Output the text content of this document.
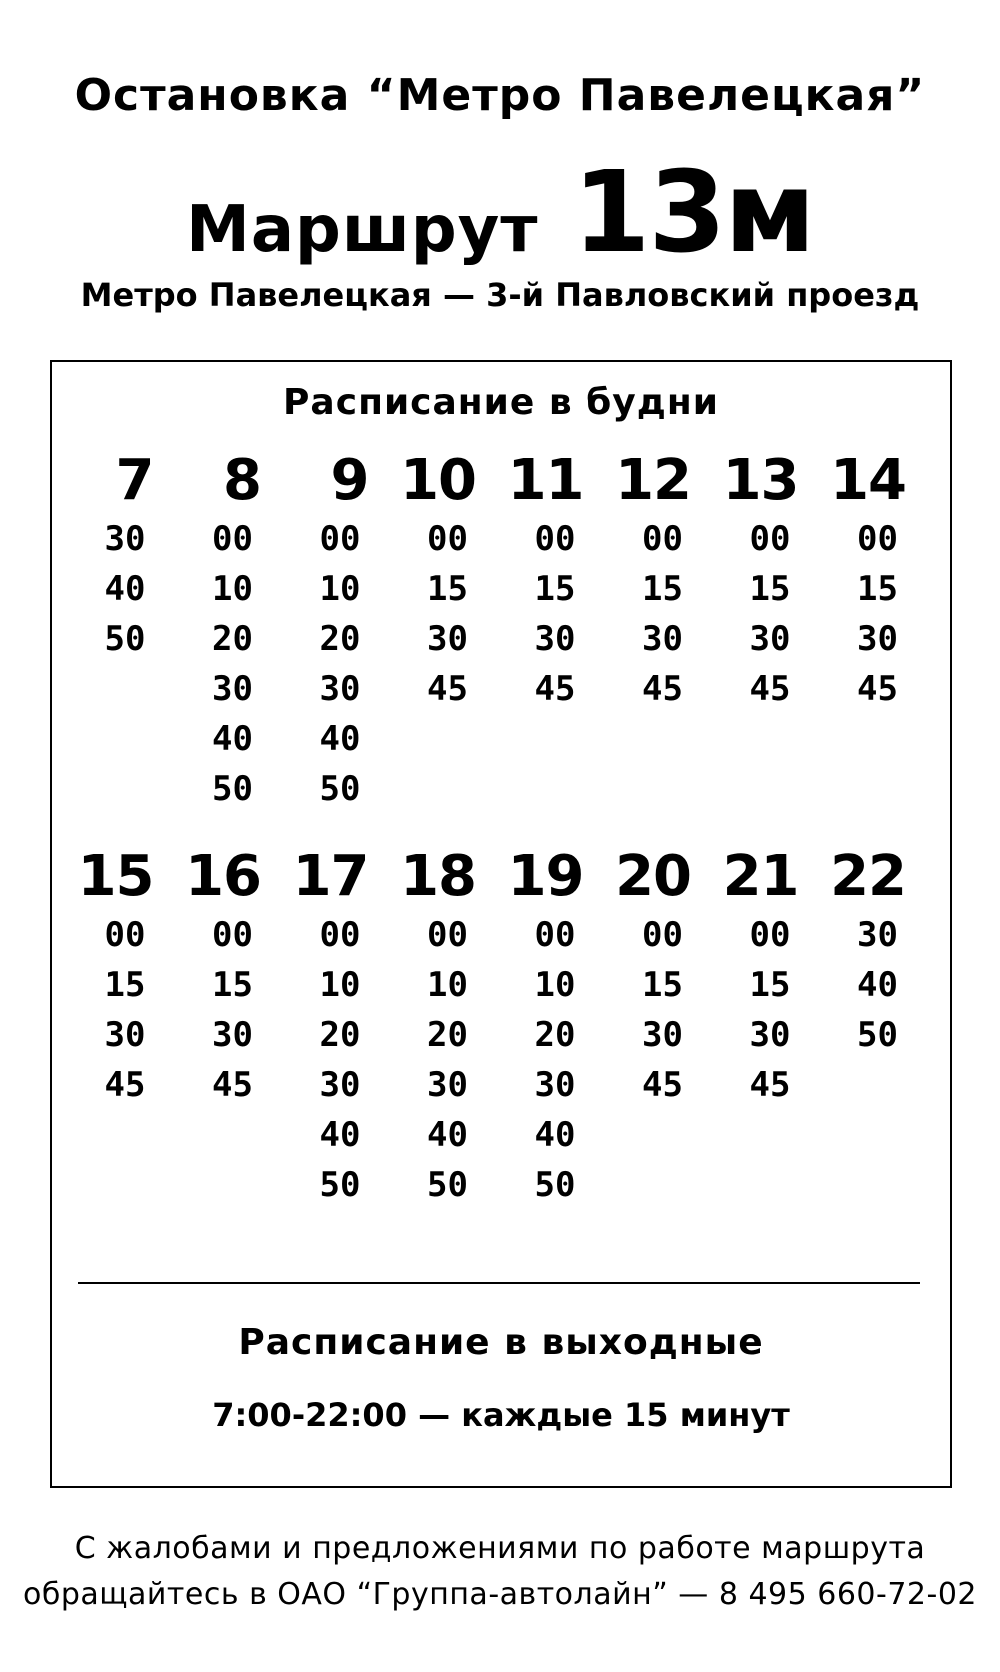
Остановка “Метро Павелецкая”
Маршрут 13м
Метро Павелецкая — 3-й Павловский проезд
Расписание в будни
7
30
40
50
8
00
10
20
30
40
50
9
00
10
20
30
40
50
10
00
15
30
45
11
00
15
30
45
12
00
15
30
45
13
00
15
30
45
14
00
15
30
45
15
00
15
30
45
16
00
15
30
45
17
00
10
20
30
40
50
18
00
10
20
30
40
50
19
00
10
20
30
40
50
20
00
15
30
45
21
00
15
30
45
22
30
40
50
Расписание в выходные
7:00-22:00 — каждые 15 минут
С жалобами и предложениями по работе маршрута
обращайтесь в ОАО “Группа-автолайн” — 8 495 660-72-02
